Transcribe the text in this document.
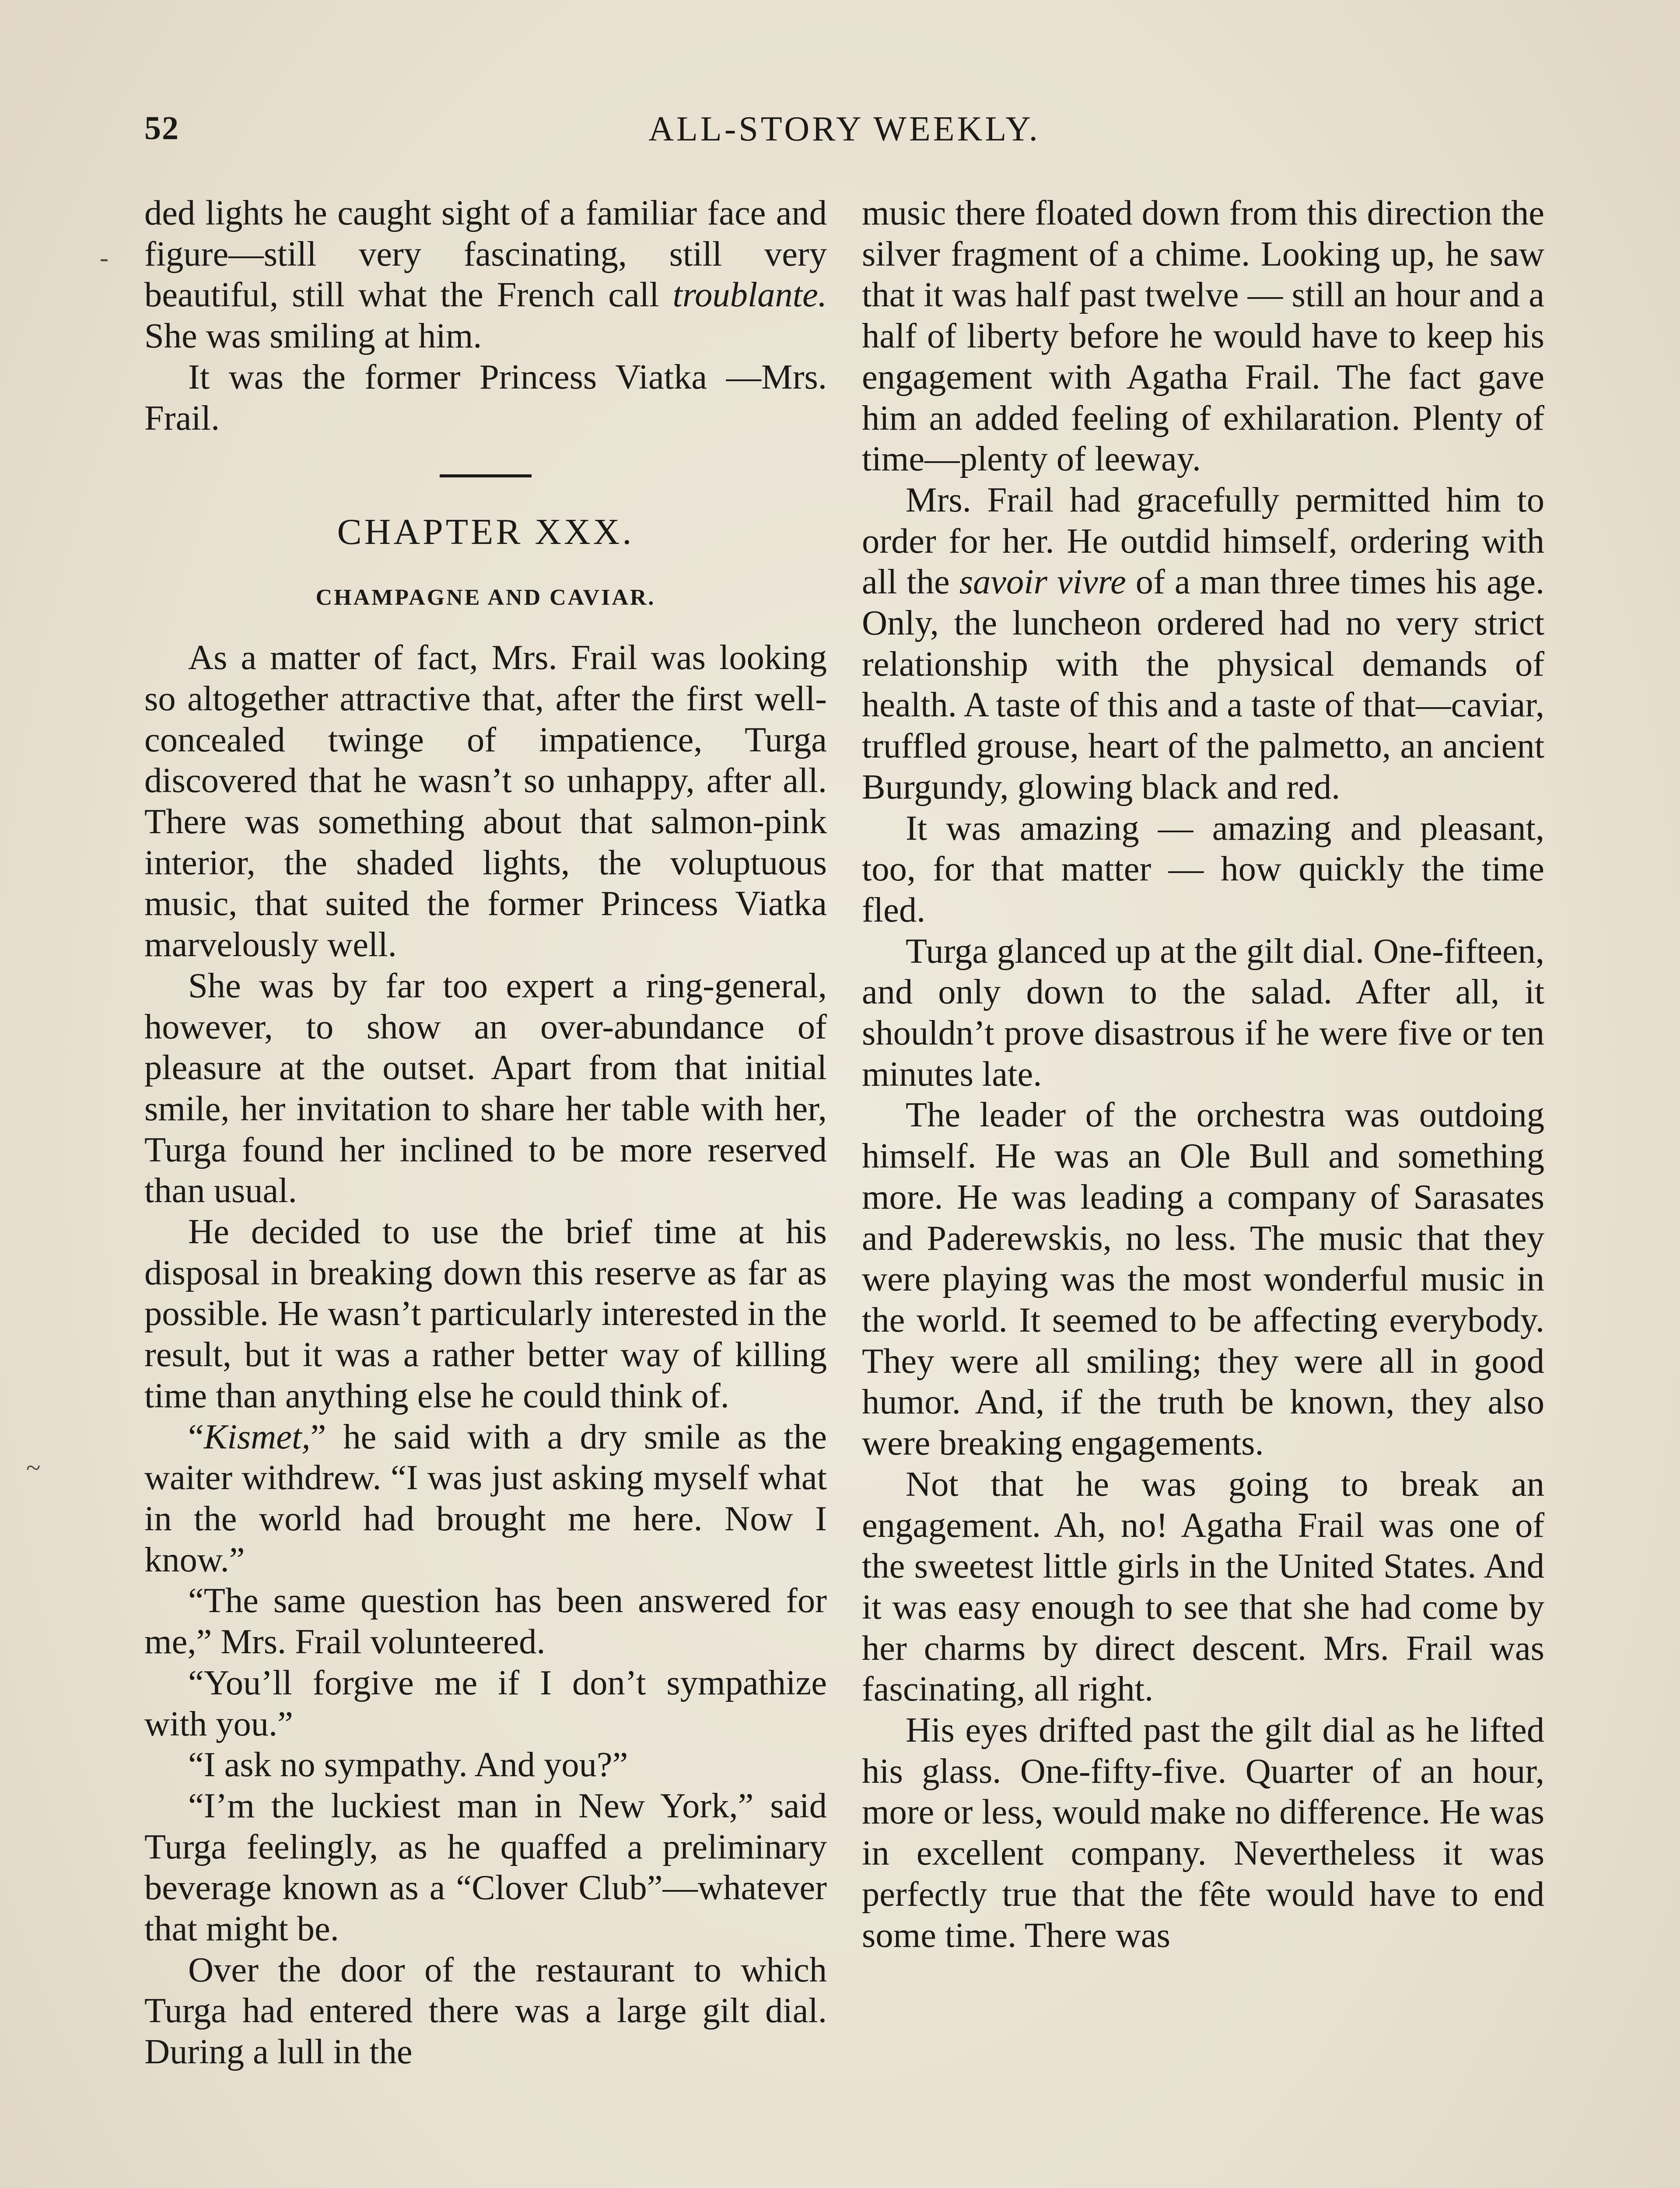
52	ALL-STORY WEEKLY.
-
~

ded lights he caught sight of a familiar face and figure—still very fascinating, still very beautiful, still what the French call troublante. She was smiling at him.

It was the former Princess Viatka —Mrs. Frail.

CHAPTER XXX.
CHAMPAGNE AND CAVIAR.

As a matter of fact, Mrs. Frail was looking so altogether attractive that, after the first well-concealed twinge of impatience, Turga discovered that he wasn’t so unhappy, after all. There was something about that salmon-pink interior, the shaded lights, the voluptuous music, that suited the former Princess Viatka marvelously well.

She was by far too expert a ring-general, however, to show an over-abundance of pleasure at the outset. Apart from that initial smile, her invitation to share her table with her, Turga found her inclined to be more reserved than usual.

He decided to use the brief time at his disposal in breaking down this reserve as far as possible. He wasn’t particularly interested in the result, but it was a rather better way of killing time than anything else he could think of.

“Kismet,” he said with a dry smile as the waiter withdrew. “I was just asking myself what in the world had brought me here. Now I know.”

“The same question has been answered for me,” Mrs. Frail volunteered.

“You’ll forgive me if I don’t sympathize with you.”

“I ask no sympathy. And you?”

“I’m the luckiest man in New York,” said Turga feelingly, as he quaffed a preliminary beverage known as a “Clover Club”—whatever that might be.

Over the door of the restaurant to which Turga had entered there was a large gilt dial. During a lull in the

music there floated down from this direction the silver fragment of a chime. Looking up, he saw that it was half past twelve — still an hour and a half of liberty before he would have to keep his engagement with Agatha Frail. The fact gave him an added feeling of exhilaration. Plenty of time—plenty of leeway.

Mrs. Frail had gracefully permitted him to order for her. He outdid himself, ordering with all the savoir vivre of a man three times his age. Only, the luncheon ordered had no very strict relationship with the physical demands of health. A taste of this and a taste of that—caviar, truffled grouse, heart of the palmetto, an ancient Burgundy, glowing black and red.

It was amazing — amazing and pleasant, too, for that matter — how quickly the time fled.

Turga glanced up at the gilt dial. One-fifteen, and only down to the salad. After all, it shouldn’t prove disastrous if he were five or ten minutes late.

The leader of the orchestra was outdoing himself. He was an Ole Bull and something more. He was leading a company of Sarasates and Paderewskis, no less. The music that they were playing was the most wonderful music in the world. It seemed to be affecting everybody. They were all smiling; they were all in good humor. And, if the truth be known, they also were breaking engagements.

Not that he was going to break an engagement. Ah, no! Agatha Frail was one of the sweetest little girls in the United States. And it was easy enough to see that she had come by her charms by direct descent. Mrs. Frail was fascinating, all right.

His eyes drifted past the gilt dial as he lifted his glass. One-fifty-five. Quarter of an hour, more or less, would make no difference. He was in excellent company. Nevertheless it was perfectly true that the fête would have to end some time. There was
